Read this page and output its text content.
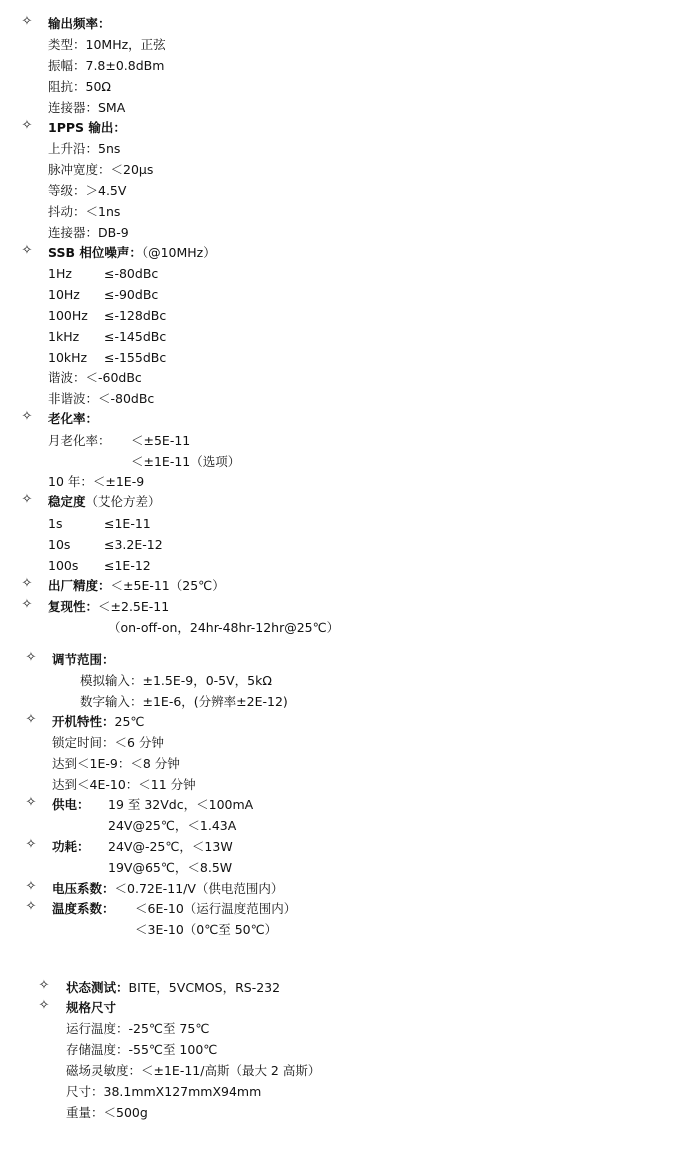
✧ 输出频率：
类型：10MHz，正弦
振幅：7.8±0.8dBm
阻抗：50Ω
连接器：SMA
✧ 1PPS 输出：
上升沿：5ns
脉冲宽度：＜20μs
等级：＞4.5V
抖动：＜1ns
连接器：DB-9
✧ SSB 相位噪声：（@10MHz）
1Hz	≤-80dBc
10Hz ≤-90dBc
100Hz ≤-128dBc
1kHz ≤-145dBc
10kHz ≤-155dBc
谐波：＜-60dBc
非谐波：＜-80dBc
✧ 老化率：
月老化率： ＜±5E-11
＜±1E-11（选项）
10 年：＜±1E-9
✧ 稳定度（艾伦方差）
1s	≤1E-11
10s	≤3.2E-12
100s ≤1E-12
✧ 出厂精度：＜±5E-11（25℃）
✧ 复现性：＜±2.5E-11
（on-off-on，24hr-48hr-12hr@25℃）
✧ 调节范围：
模拟输入：±1.5E-9，0-5V，5kΩ
数字输入：±1E-6，(分辨率±2E-12)
✧ 开机特性：25℃
锁定时间：＜6 分钟
达到＜1E-9：＜8 分钟
达到＜4E-10：＜11 分钟
✧ 供电： 19 至 32Vdc，＜100mA
24V@25℃，＜1.43A
✧ 功耗： 24V@-25℃，＜13W
19V@65℃，＜8.5W
✧ 电压系数：＜0.72E-11/V（供电范围内）
✧ 温度系数： ＜6E-10（运行温度范围内）
＜3E-10（0℃至 50℃）
✧ 状态测试：BITE，5VCMOS，RS-232
✧ 规格尺寸
运行温度：-25℃至 75℃
存储温度：-55℃至 100℃
磁场灵敏度：＜±1E-11/高斯（最大 2 高斯）
尺寸：38.1mmX127mmX94mm
重量：＜500g
